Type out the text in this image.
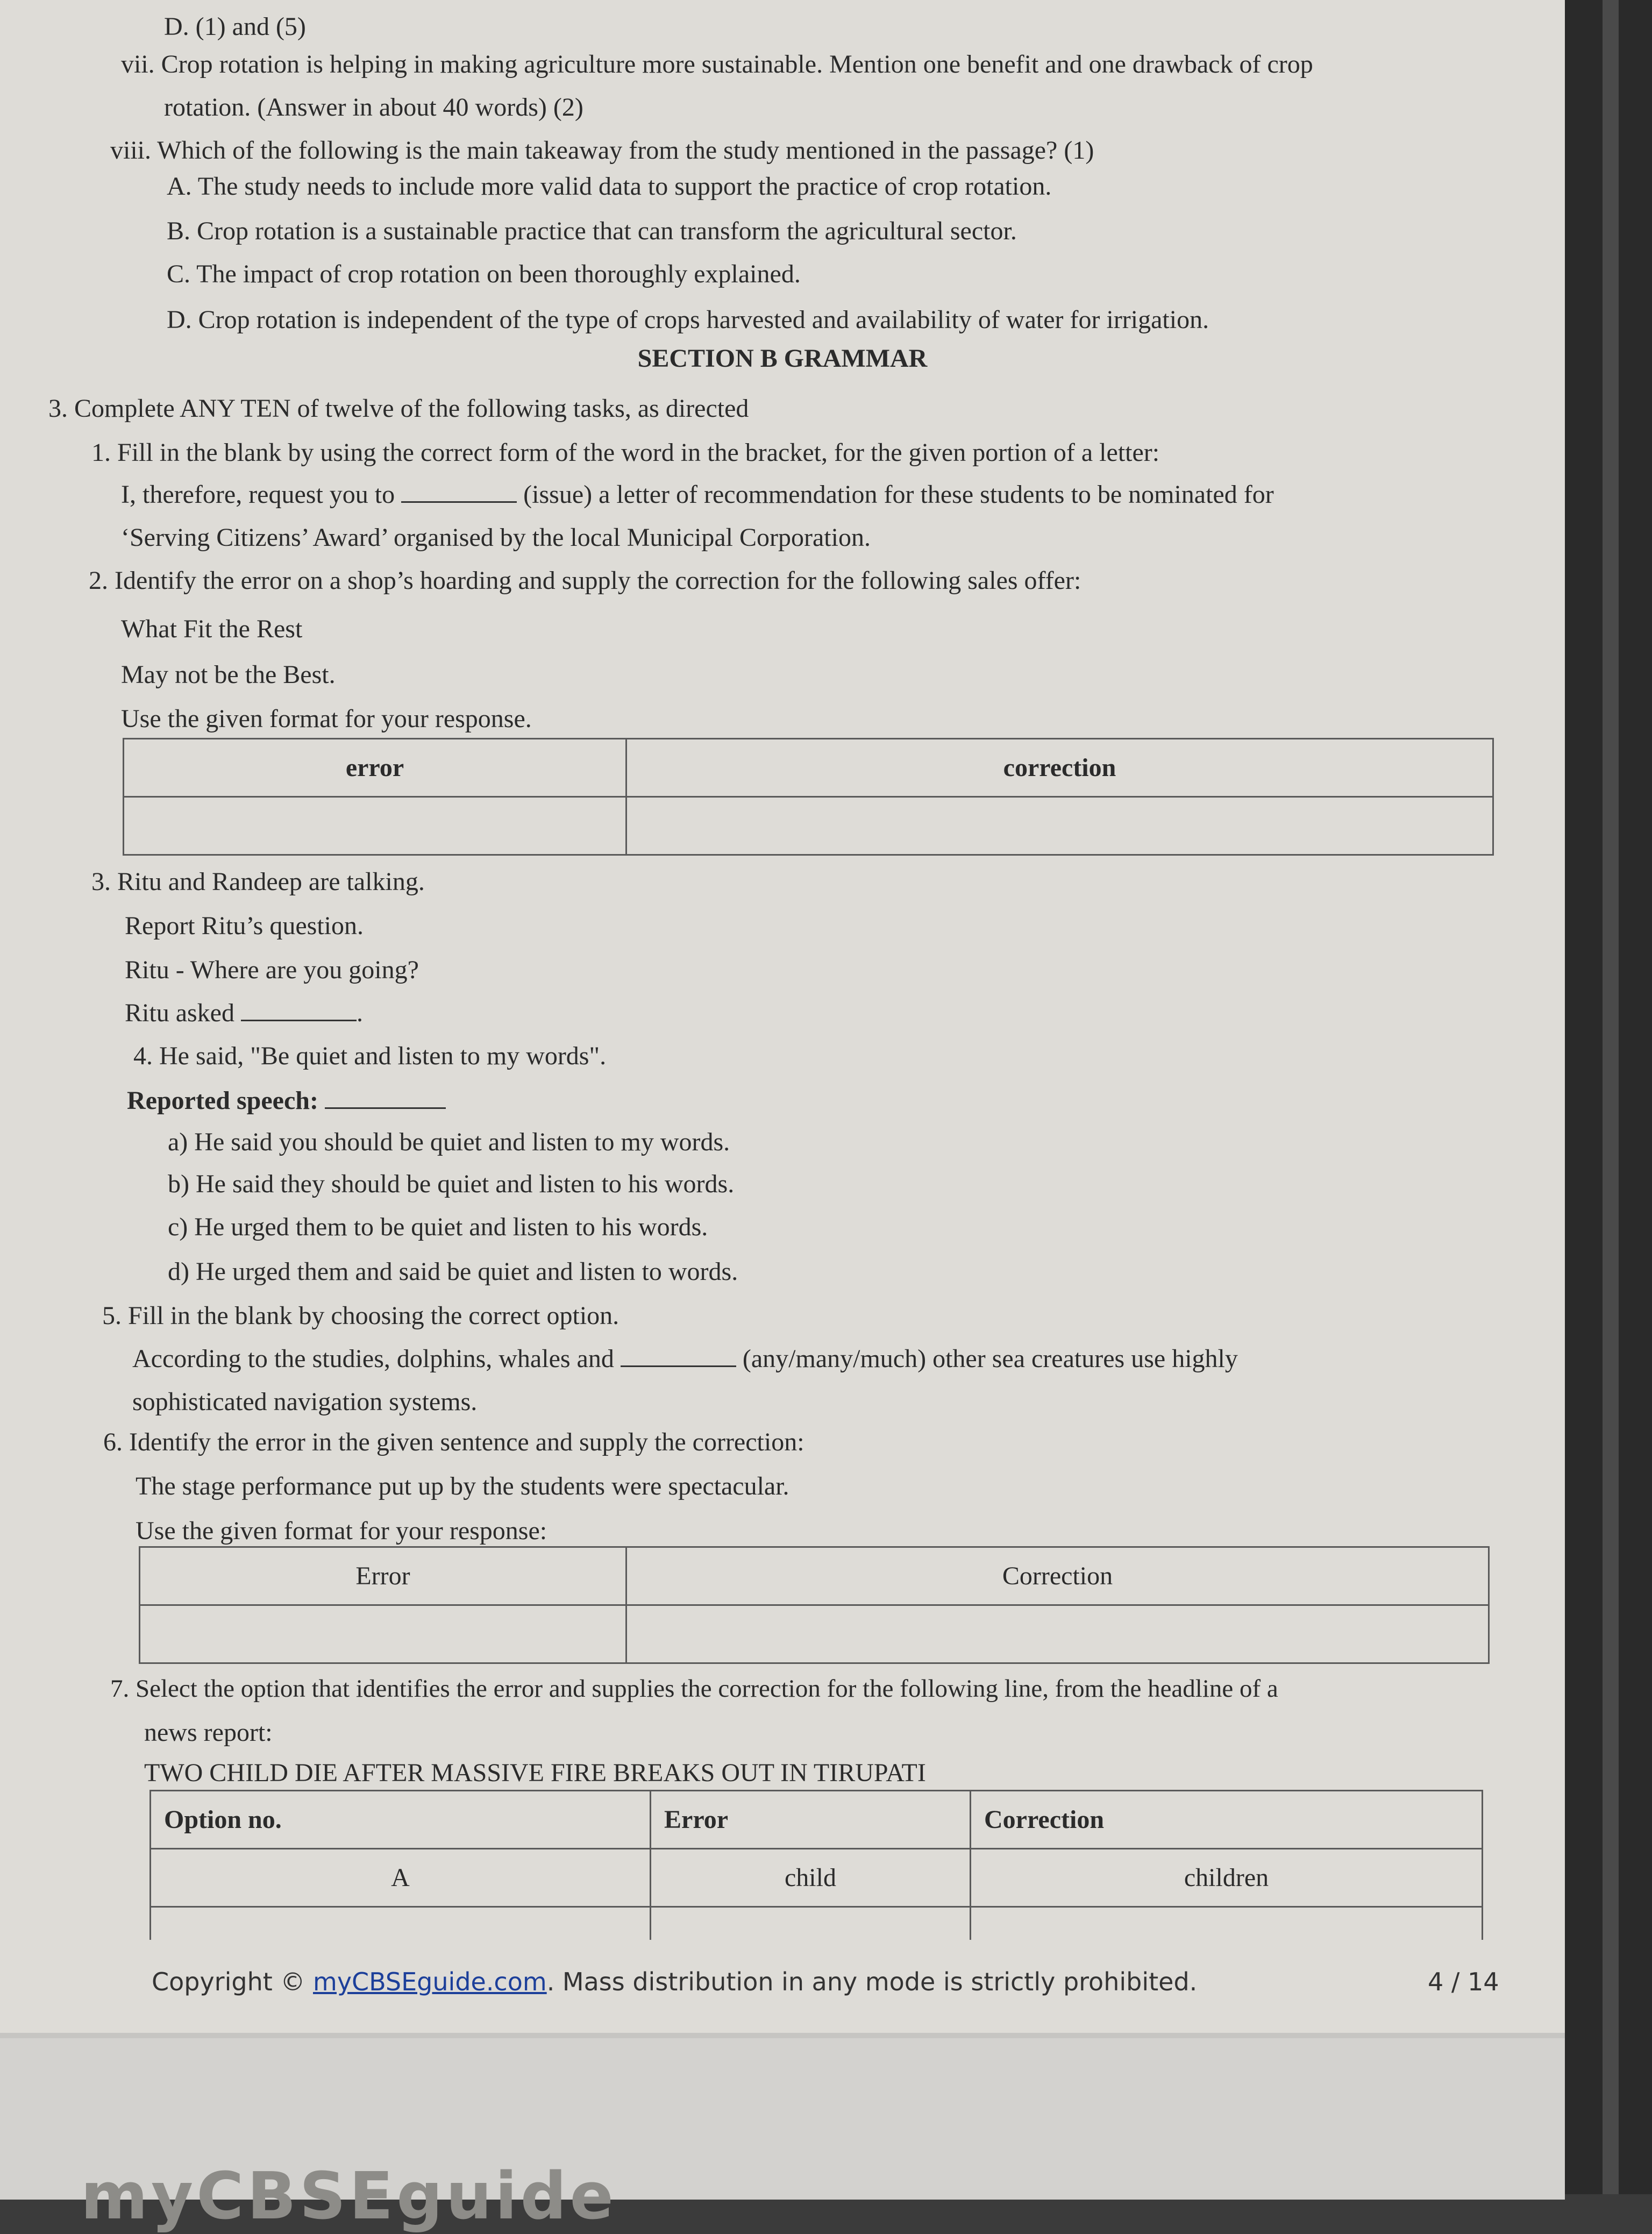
D. (1) and (5)

vii. Crop rotation is helping in making agriculture more sustainable. Mention one benefit and one drawback of crop

rotation. (Answer in about 40 words) (2)

viii. Which of the following is the main takeaway from the study mentioned in the passage? (1)

A. The study needs to include more valid data to support the practice of crop rotation.

B. Crop rotation is a sustainable practice that can transform the agricultural sector.

C. The impact of crop rotation on been thoroughly explained.

D. Crop rotation is independent of the type of crops harvested and availability of water for irrigation.

SECTION B GRAMMAR

3. Complete ANY TEN of twelve of the following tasks, as directed

1. Fill in the blank by using the correct form of the word in the bracket, for the given portion of a letter:

I, therefore, request you to	(issue) a letter of recommendation for these students to be nominated for

‘Serving Citizens’ Award’ organised by the local Municipal Corporation.

2. Identify the error on a shop’s hoarding and supply the correction for the following sales offer:

What Fit the Rest

May not be the Best.

Use the given format for your response.

error	correction

3. Ritu and Randeep are talking.

Report Ritu’s question.

Ritu - Where are you going?

Ritu asked	.

4. He said, "Be quiet and listen to my words".

Reported speech:

a) He said you should be quiet and listen to my words.

b) He said they should be quiet and listen to his words.

c) He urged them to be quiet and listen to his words.

d) He urged them and said be quiet and listen to words.

5. Fill in the blank by choosing the correct option.

According to the studies, dolphins, whales and	(any/many/much) other sea creatures use highly

sophisticated navigation systems.

6. Identify the error in the given sentence and supply the correction:

The stage performance put up by the students were spectacular.

Use the given format for your response:

Error	Correction

7. Select the option that identifies the error and supplies the correction for the following line, from the headline of a

news report:

TWO CHILD DIE AFTER MASSIVE FIRE BREAKS OUT IN TIRUPATI

Option no.	Error	Correction
A	child	children

Copyright © myCBSEguide.com. Mass distribution in any mode is strictly prohibited.	4 / 14

myCBSEguide
